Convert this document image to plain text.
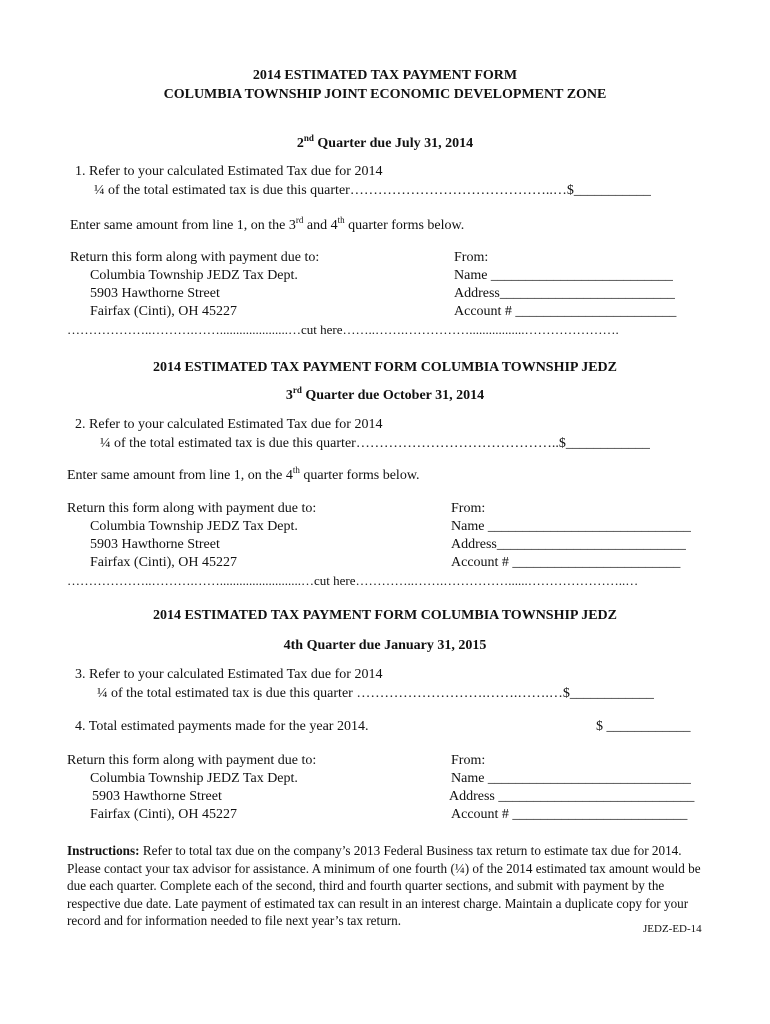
2014 ESTIMATED TAX PAYMENT FORM
COLUMBIA TOWNSHIP JOINT ECONOMIC DEVELOPMENT ZONE
2nd Quarter due July 31, 2014
1. Refer to your calculated Estimated Tax due for 2014
¼ of the total estimated tax is due this quarter……………………………………..…$___________
Enter same amount from line 1, on the 3rd and 4th quarter forms below.
Return this form along with payment due to:
Columbia Township JEDZ Tax Dept.
5903 Hawthorne Street
Fairfax (Cinti), OH 45227
From:
Name __________________________
Address_________________________
Account # _______________________
………………..……….…….....................…cut here……..…….…………….................………………….
2014 ESTIMATED TAX PAYMENT FORM COLUMBIA TOWNSHIP JEDZ
3rd Quarter due October 31, 2014
2. Refer to your calculated Estimated Tax due for 2014
¼ of the total estimated tax is due this quarter……………………………………..$____________
Enter same amount from line 1, on the 4th quarter forms below.
Return this form along with payment due to:
Columbia Township JEDZ Tax Dept.
5903 Hawthorne Street
Fairfax (Cinti), OH 45227
From:
Name _____________________________
Address___________________________
Account # ________________________
………………..……….…….........................…cut here…………..…….……………......…………………..…
2014 ESTIMATED TAX PAYMENT FORM COLUMBIA TOWNSHIP JEDZ
4th Quarter due January 31, 2015
3. Refer to your calculated Estimated Tax due for 2014
¼ of the total estimated tax is due this quarter ……………………….…….…….…$____________
4. Total estimated payments made for the year 2014.	$ ____________
Return this form along with payment due to:
Columbia Township JEDZ Tax Dept.
5903 Hawthorne Street
Fairfax (Cinti), OH 45227
From:
Name _____________________________
Address ____________________________
Account # _________________________
Instructions: Refer to total tax due on the company’s 2013 Federal Business tax return to estimate tax due for 2014. Please contact your tax advisor for assistance. A minimum of one fourth (¼) of the 2014 estimated tax amount would be due each quarter. Complete each of the second, third and fourth quarter sections, and submit with payment by the respective due date. Late payment of estimated tax can result in an interest charge. Maintain a duplicate copy for your record and for information needed to file next year’s tax return.
JEDZ-ED-14
